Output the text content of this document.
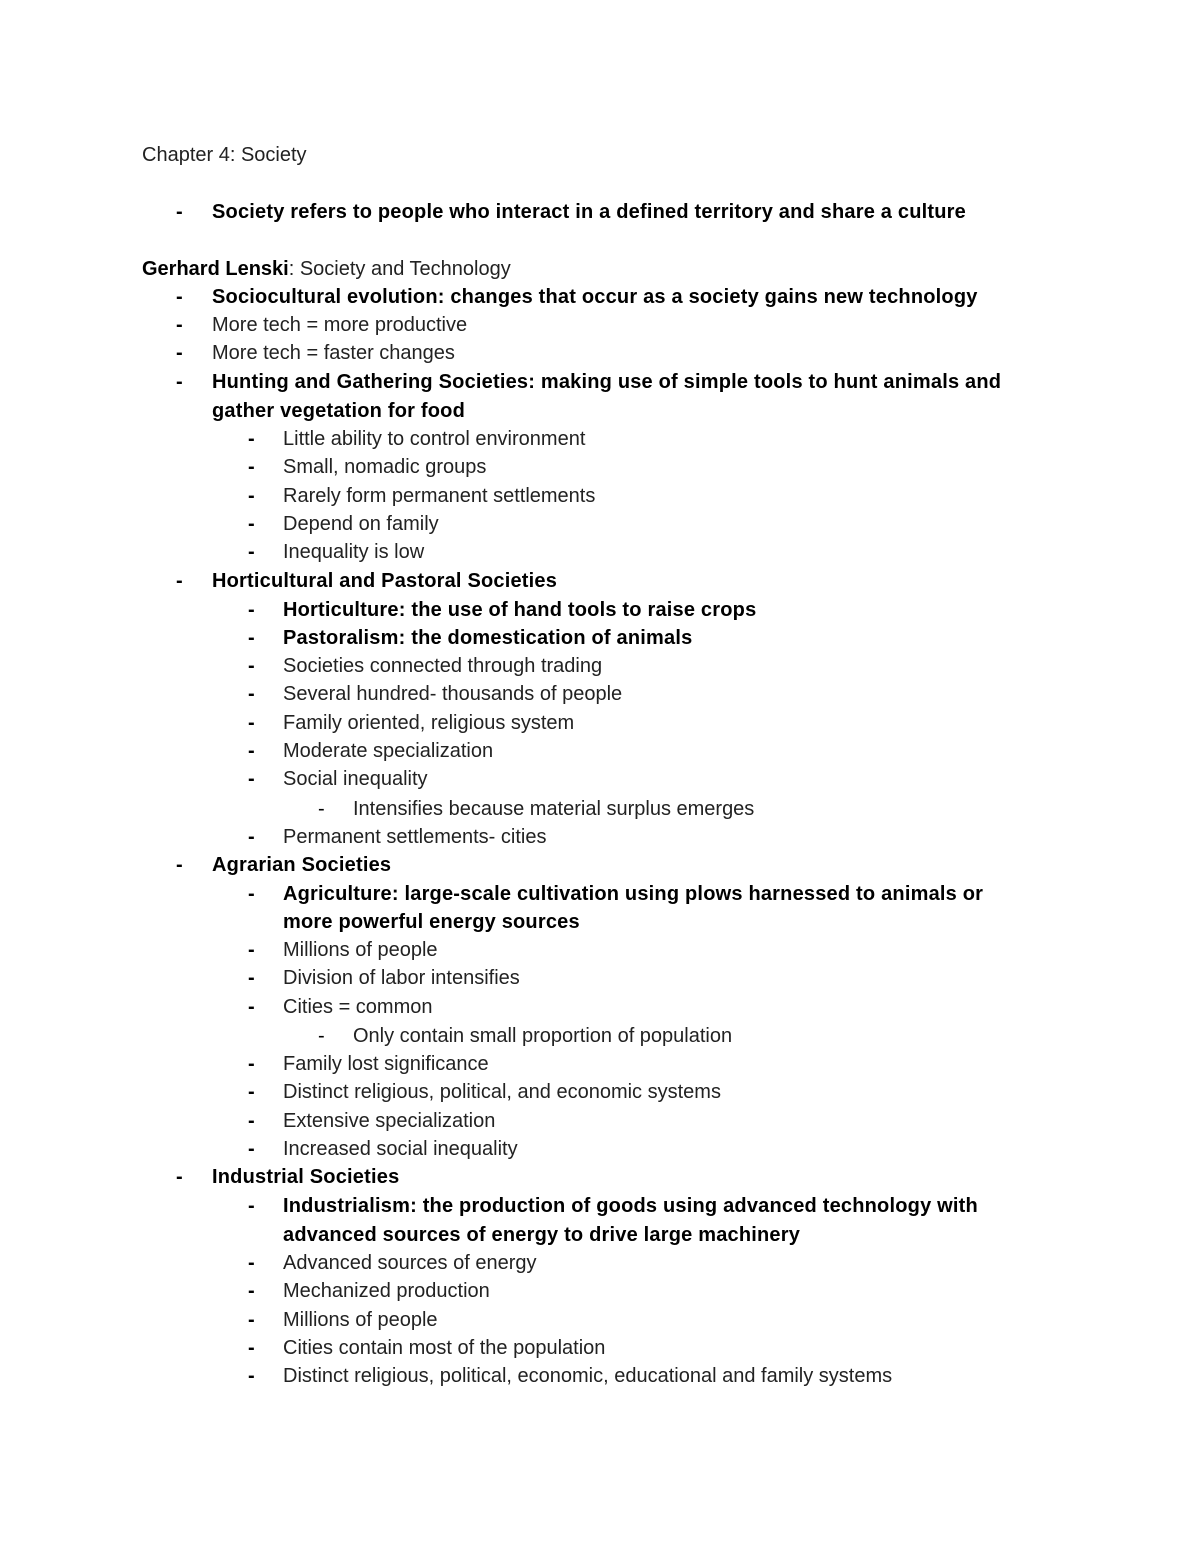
Chapter 4: Society
- Society refers to people who interact in a defined territory and share a culture
Gerhard Lenski: Society and Technology
- Sociocultural evolution: changes that occur as a society gains new technology
- More tech = more productive
- More tech = faster changes
- Hunting and Gathering Societies: making use of simple tools to hunt animals and
gather vegetation for food
- Little ability to control environment
- Small, nomadic groups
- Rarely form permanent settlements
- Depend on family
- Inequality is low
- Horticultural and Pastoral Societies
- Horticulture: the use of hand tools to raise crops
- Pastoralism: the domestication of animals
- Societies connected through trading
- Several hundred- thousands of people
- Family oriented, religious system
- Moderate specialization
- Social inequality
- Intensifies because material surplus emerges
- Permanent settlements- cities
- Agrarian Societies
- Agriculture: large-scale cultivation using plows harnessed to animals or
more powerful energy sources
- Millions of people
- Division of labor intensifies
- Cities = common
- Only contain small proportion of population
- Family lost significance
- Distinct religious, political, and economic systems
- Extensive specialization
- Increased social inequality
- Industrial Societies
- Industrialism: the production of goods using advanced technology with
advanced sources of energy to drive large machinery
- Advanced sources of energy
- Mechanized production
- Millions of people
- Cities contain most of the population
- Distinct religious, political, economic, educational and family systems
